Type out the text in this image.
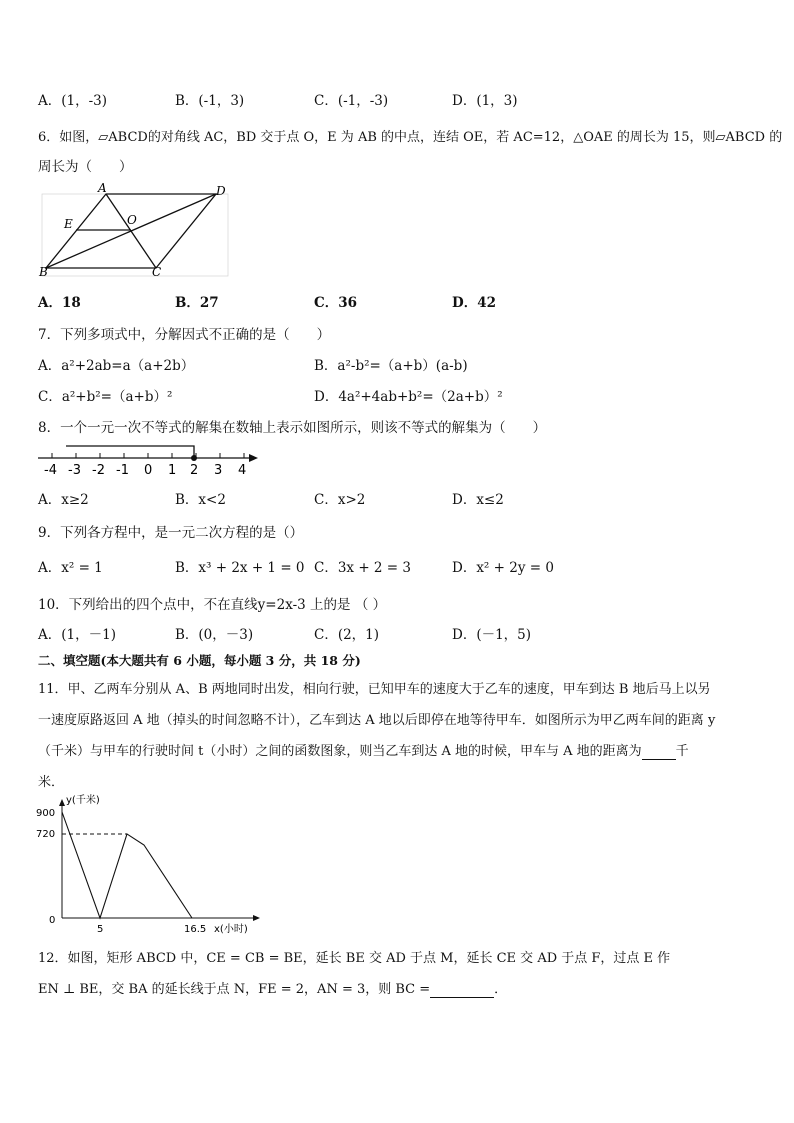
A．(1，-3)	B．(-1，3)	C．(-1，-3)	D．(1，3)
6．如图，▱ABCD的对角线 AC，BD 交于点 O，E 为 AB 的中点，连结 OE，若 AC=12，△OAE 的周长为 15，则▱ABCD 的
周长为（　　）
A	D
E	O
B	C
A．18	B．27	C．36	D．42
7．下列多项式中，分解因式不正确的是（　　）
A．a²+2ab=a（a+2b）	B．a²-b²=（a+b）(a-b)
C．a²+b²=（a+b）²	D．4a²+4ab+b²=（2a+b）²
8．一个一元一次不等式的解集在数轴上表示如图所示，则该不等式的解集为（　　）
-4 -3 -2 -1 0 1 2 3 4
A．x≥2	B．x<2	C．x>2	D．x≤2
9．下列各方程中，是一元二次方程的是（）
A．x² = 1	B．x³ + 2x + 1 = 0 C．3x + 2 = 3	D．x² + 2y = 0
10．下列给出的四个点中，不在直线y=2x-3 上的是 （ ）
A．(1，－1)	B．(0，－3)	C．(2，1)	D．(－1，5)
二、填空题(本大题共有 6 小题，每小题 3 分，共 18 分)
11．甲、乙两车分别从 A、B 两地同时出发，相向行驶，已知甲车的速度大于乙车的速度，甲车到达 B 地后马上以另
一速度原路返回 A 地（掉头的时间忽略不计），乙车到达 A 地以后即停在地等待甲车．如图所示为甲乙两车间的距离 y
（千米）与甲车的行驶时间 t（小时）之间的函数图象，则当乙车到达 A 地的时候，甲车与 A 地的距离为	千
米．
y(千米)
x(小时)
900
720
0
5	16.5
12．如图，矩形 ABCD 中，CE = CB = BE，延长 BE 交 AD 于点 M，延长 CE 交 AD 于点 F，过点 E 作
EN ⊥ BE，交 BA 的延长线于点 N，FE = 2，AN = 3，则 BC =	．
